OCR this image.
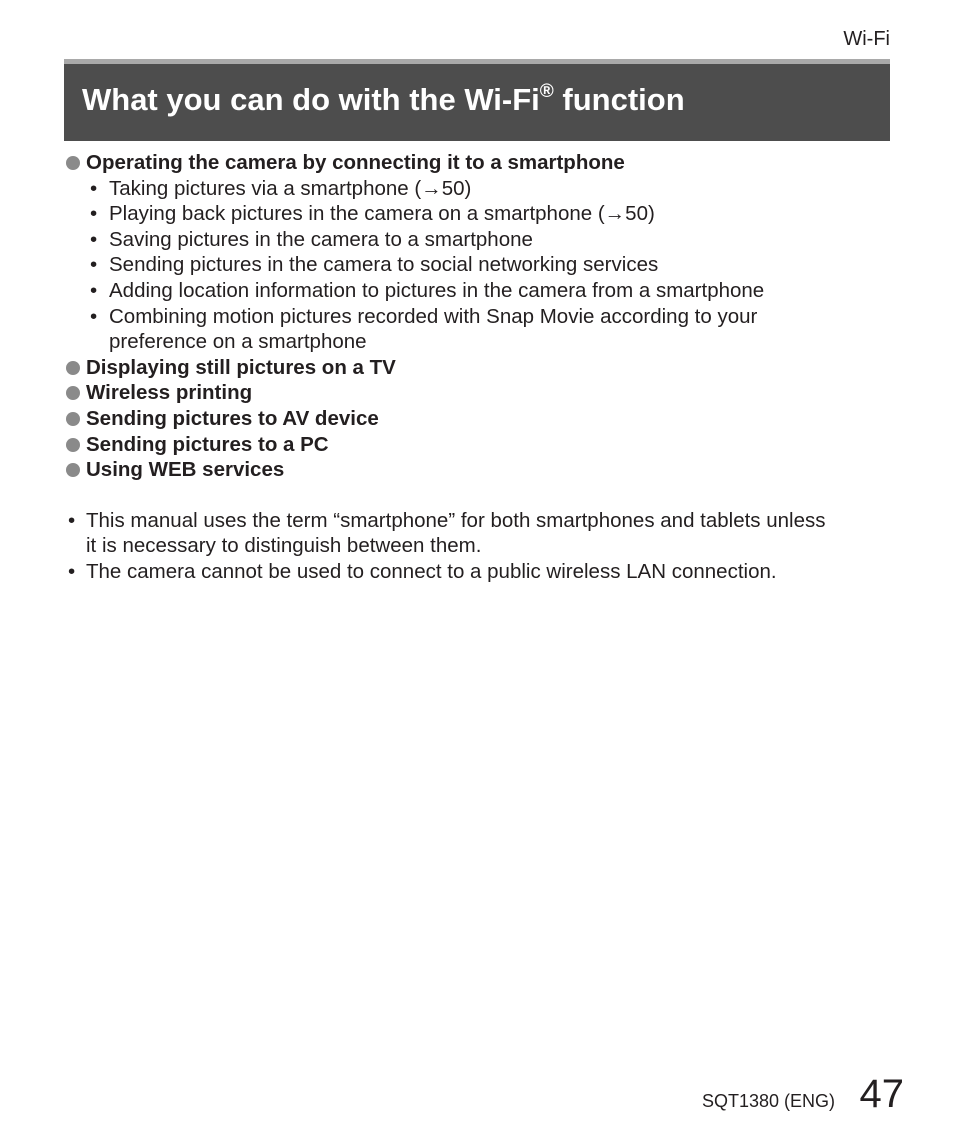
Wi-Fi
What you can do with the Wi-Fi® function
Operating the camera by connecting it to a smartphone
• Taking pictures via a smartphone (→50)
• Playing back pictures in the camera on a smartphone (→50)
• Saving pictures in the camera to a smartphone
• Sending pictures in the camera to social networking services
• Adding location information to pictures in the camera from a smartphone
• Combining motion pictures recorded with Snap Movie according to your preference on a smartphone
Displaying still pictures on a TV
Wireless printing
Sending pictures to AV device
Sending pictures to a PC
Using WEB services
• This manual uses the term “smartphone” for both smartphones and tablets unless it is necessary to distinguish between them.
• The camera cannot be used to connect to a public wireless LAN connection.
SQT1380 (ENG) 47
